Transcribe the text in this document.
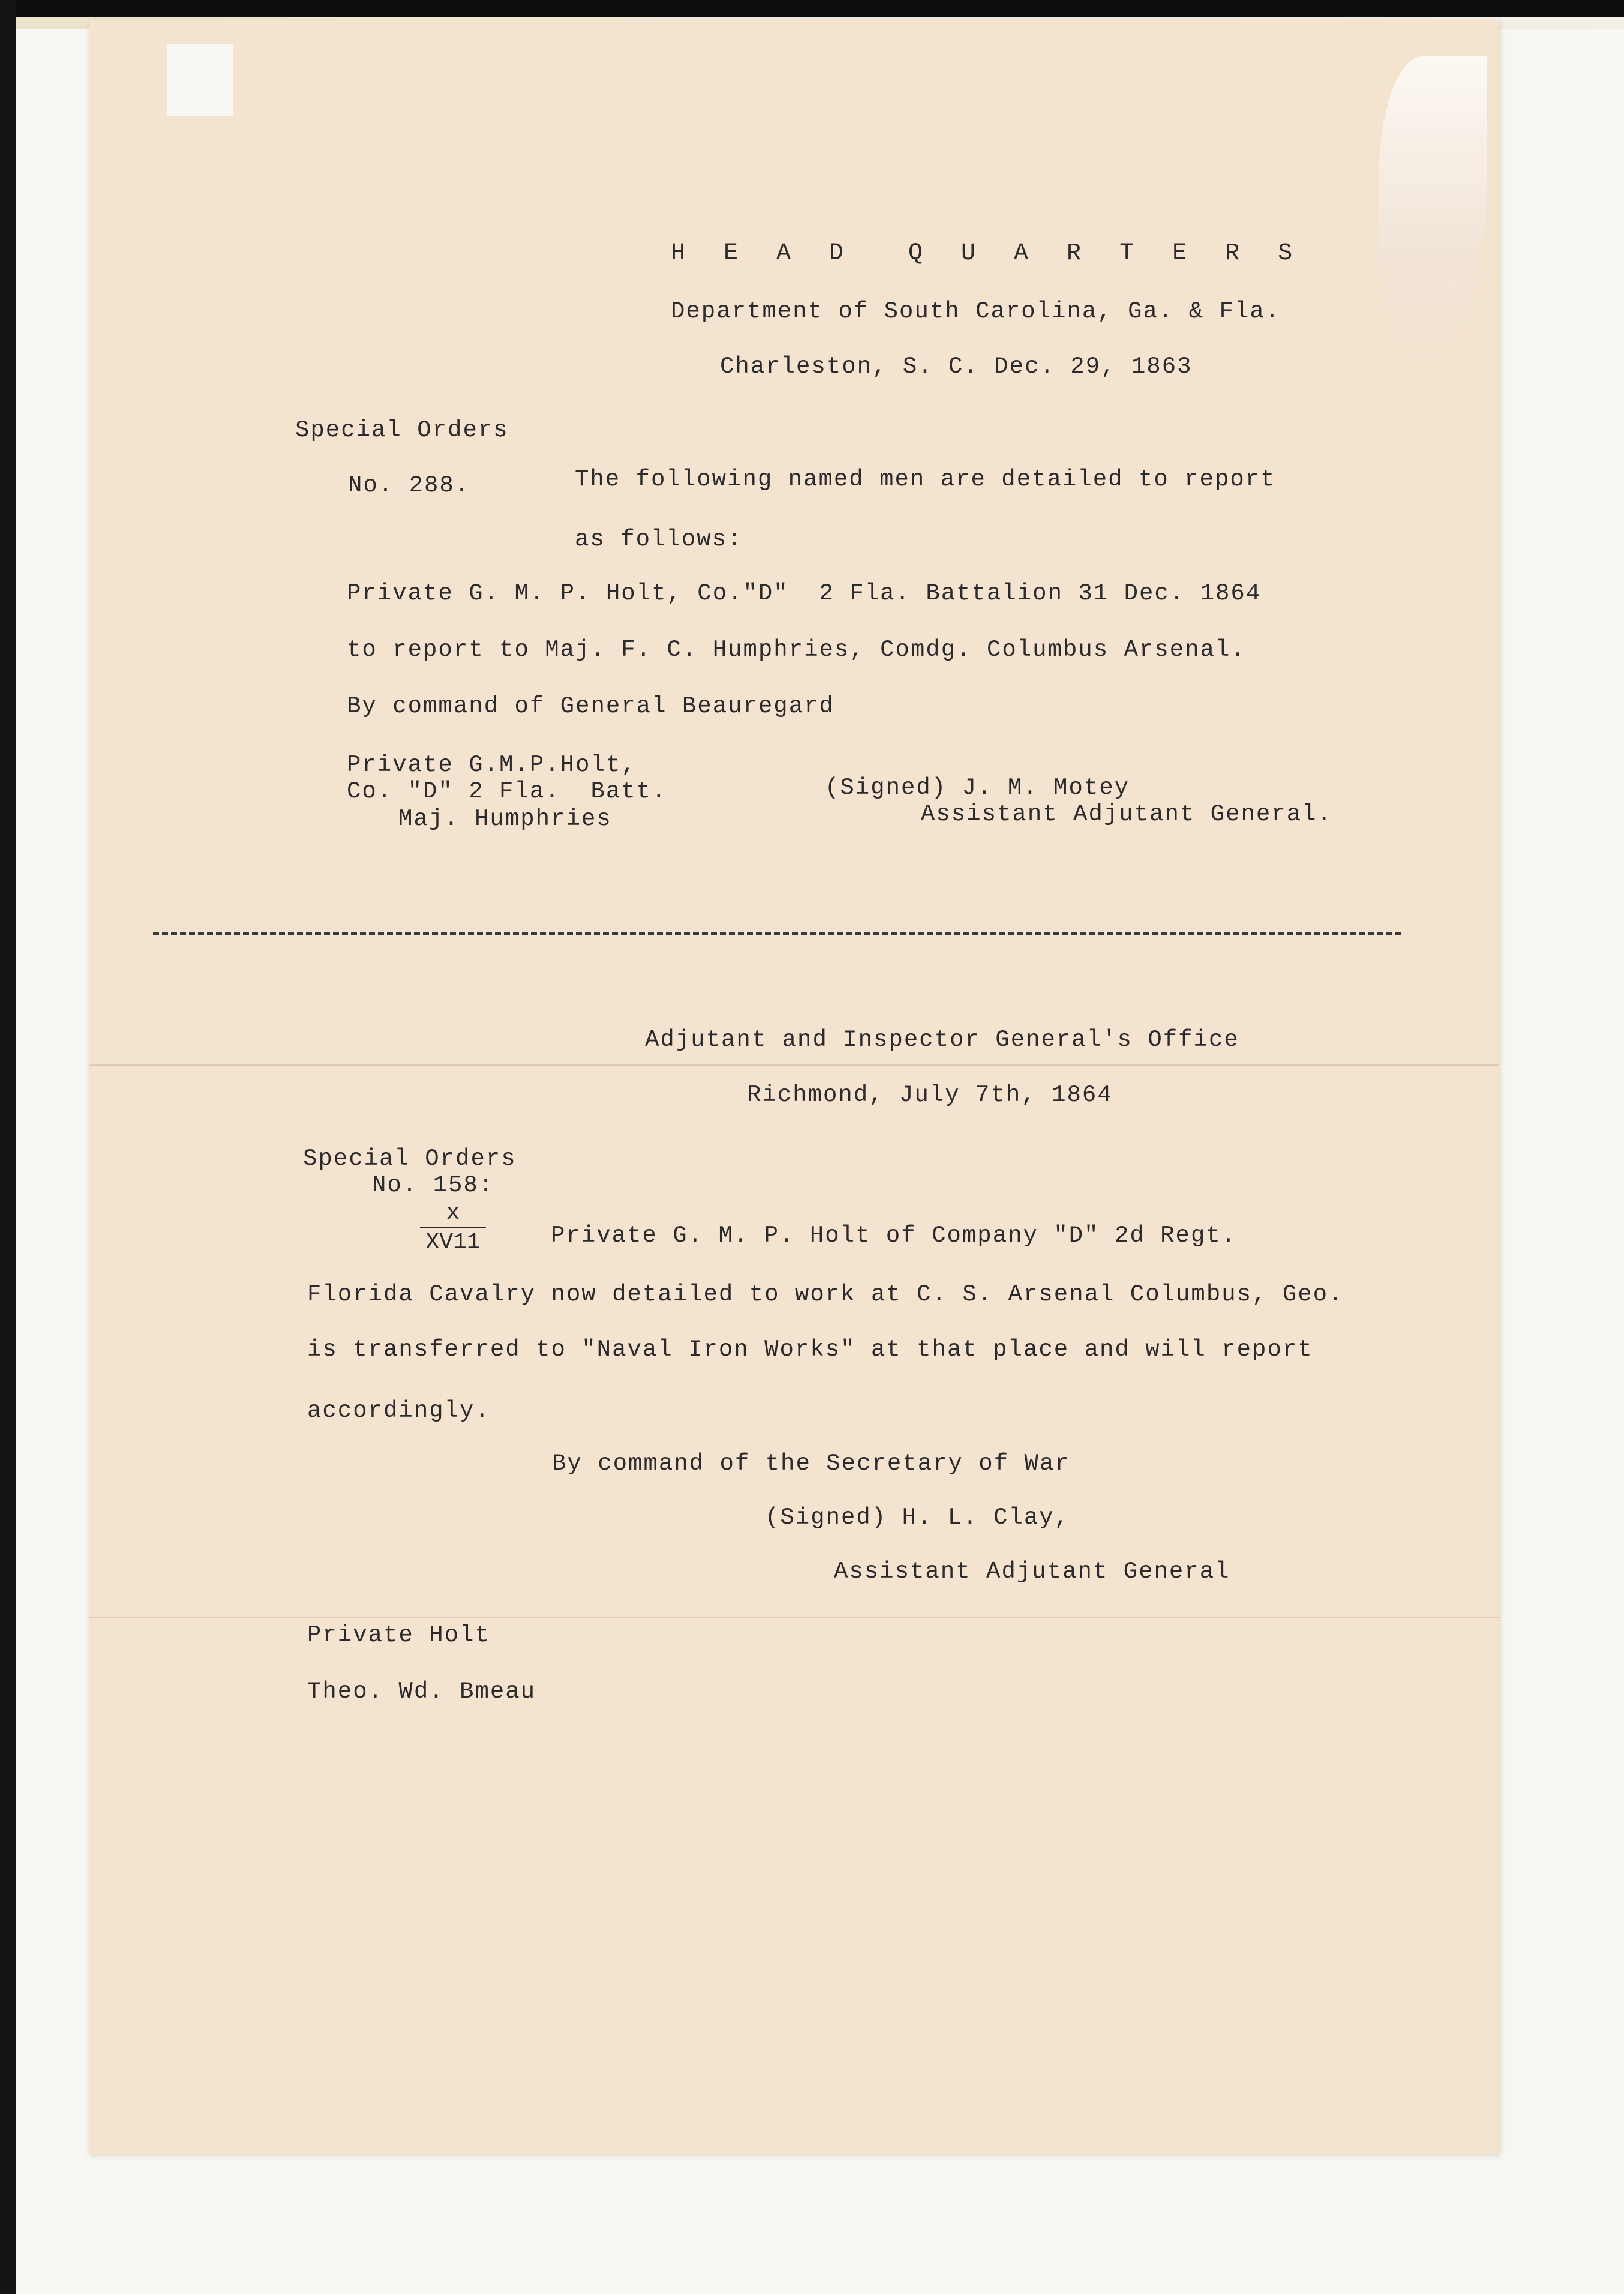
H E A D  Q U A R T E R S
Department of South Carolina, Ga. & Fla.
Charleston, S. C. Dec. 29, 1863
Special Orders
No. 288.	The following named men are detailed to report
as follows:
Private G. M. P. Holt, Co."D"  2 Fla. Battalion 31 Dec. 1864
to report to Maj. F. C. Humphries, Comdg. Columbus Arsenal.
By command of General Beauregard
Private G.M.P.Holt,
Co. "D" 2 Fla.  Batt.
Maj. Humphries
(Signed) J. M. Motey
Assistant Adjutant General.
Adjutant and Inspector General's Office
Richmond, July 7th, 1864
Special Orders
No. 158:
$\frac{x}{XV11}$	Private G. M. P. Holt of Company "D" 2d Regt.
Florida Cavalry now detailed to work at C. S. Arsenal Columbus, Geo.
is transferred to "Naval Iron Works" at that place and will report
accordingly.
By command of the Secretary of War
(Signed) H. L. Clay,
Assistant Adjutant General
Private Holt
Theo. Wd. Bmeau
